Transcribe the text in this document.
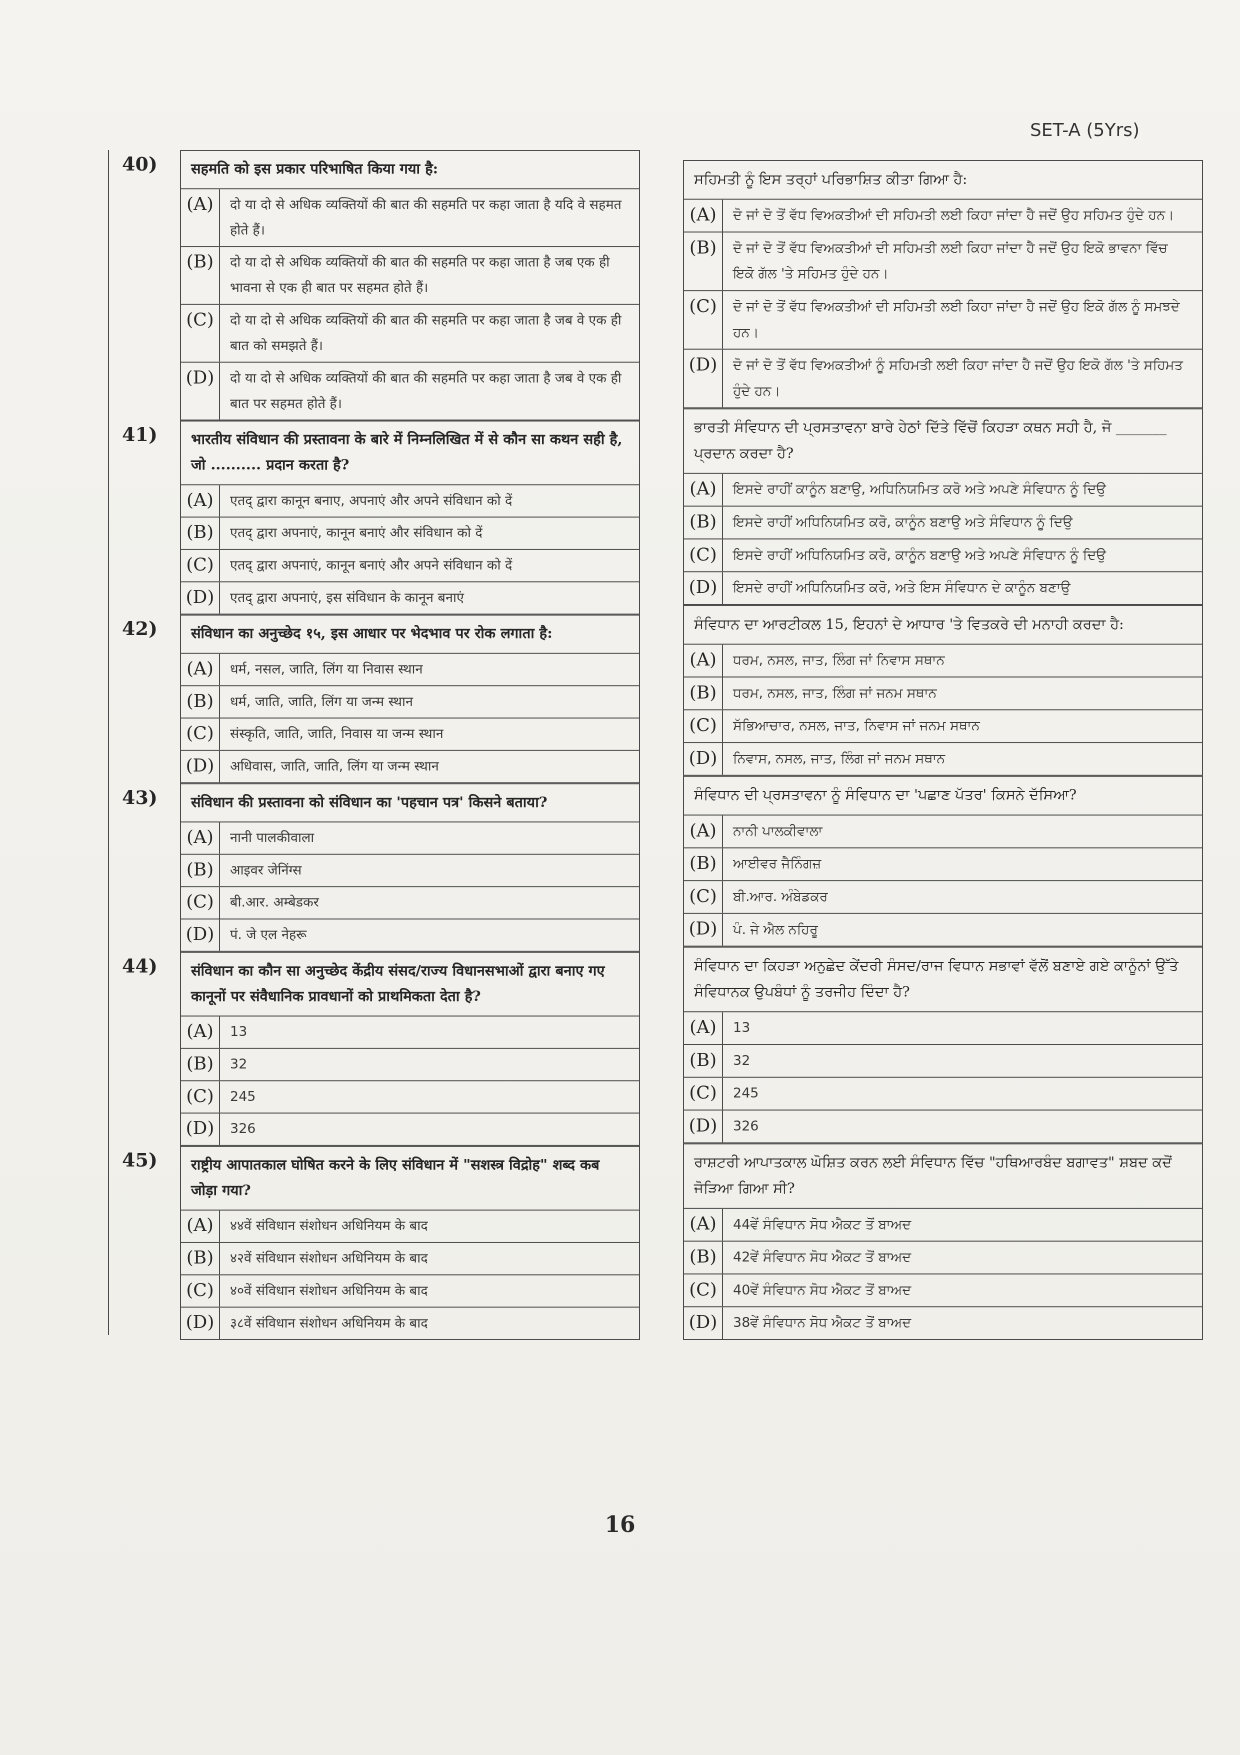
SET-A (5Yrs)
40)
41)
42)
43)
44)
45)
सहमति को इस प्रकार परिभाषित किया गया है:
(A)	दो या दो से अधिक व्यक्तियों की बात की सहमति पर कहा जाता है यदि वे सहमत होते हैं।
(B)	दो या दो से अधिक व्यक्तियों की बात की सहमति पर कहा जाता है जब एक ही भावना से एक ही बात पर सहमत होते हैं।
(C)	दो या दो से अधिक व्यक्तियों की बात की सहमति पर कहा जाता है जब वे एक ही बात को समझते हैं।
(D)	दो या दो से अधिक व्यक्तियों की बात की सहमति पर कहा जाता है जब वे एक ही बात पर सहमत होते हैं।
भारतीय संविधान की प्रस्तावना के बारे में निम्नलिखित में से कौन सा कथन सही है, जो .......... प्रदान करता है?
(A)	एतद् द्वारा कानून बनाए, अपनाएं और अपने संविधान को दें
(B)	एतद् द्वारा अपनाएं, कानून बनाएं और संविधान को दें
(C)	एतद् द्वारा अपनाएं, कानून बनाएं और अपने संविधान को दें
(D)	एतद् द्वारा अपनाएं, इस संविधान के कानून बनाएं
संविधान का अनुच्छेद १५, इस आधार पर भेदभाव पर रोक लगाता है:
(A)	धर्म, नसल, जाति, लिंग या निवास स्थान
(B)	धर्म, जाति, जाति, लिंग या जन्म स्थान
(C)	संस्कृति, जाति, जाति, निवास या जन्म स्थान
(D)	अधिवास, जाति, जाति, लिंग या जन्म स्थान
संविधान की प्रस्तावना को संविधान का 'पहचान पत्र' किसने बताया?
(A)	नानी पालकीवाला
(B)	आइवर जेनिंग्स
(C)	बी.आर. अम्बेडकर
(D)	पं. जे एल नेहरू
संविधान का कौन सा अनुच्छेद केंद्रीय संसद/राज्य विधानसभाओं द्वारा बनाए गए कानूनों पर संवैधानिक प्रावधानों को प्राथमिकता देता है?
(A)	13
(B)	32
(C)	245
(D)	326
राष्ट्रीय आपातकाल घोषित करने के लिए संविधान में "सशस्त्र विद्रोह" शब्द कब जोड़ा गया?
(A)	४४वें संविधान संशोधन अधिनियम के बाद
(B)	४२वें संविधान संशोधन अधिनियम के बाद
(C)	४०वें संविधान संशोधन अधिनियम के बाद
(D)	३८वें संविधान संशोधन अधिनियम के बाद
ਸਹਿਮਤੀ ਨੂੰ ਇਸ ਤਰ੍ਹਾਂ ਪਰਿਭਾਸ਼ਿਤ ਕੀਤਾ ਗਿਆ ਹੈ:
(A)	ਦੋ ਜਾਂ ਦੋ ਤੋਂ ਵੱਧ ਵਿਅਕਤੀਆਂ ਦੀ ਸਹਿਮਤੀ ਲਈ ਕਿਹਾ ਜਾਂਦਾ ਹੈ ਜਦੋਂ ਉਹ ਸਹਿਮਤ ਹੁੰਦੇ ਹਨ।
(B)	ਦੋ ਜਾਂ ਦੋ ਤੋਂ ਵੱਧ ਵਿਅਕਤੀਆਂ ਦੀ ਸਹਿਮਤੀ ਲਈ ਕਿਹਾ ਜਾਂਦਾ ਹੈ ਜਦੋਂ ਉਹ ਇਕੋ ਭਾਵਨਾ ਵਿੱਚ ਇਕੋ ਗੱਲ 'ਤੇ ਸਹਿਮਤ ਹੁੰਦੇ ਹਨ।
(C)	ਦੋ ਜਾਂ ਦੋ ਤੋਂ ਵੱਧ ਵਿਅਕਤੀਆਂ ਦੀ ਸਹਿਮਤੀ ਲਈ ਕਿਹਾ ਜਾਂਦਾ ਹੈ ਜਦੋਂ ਉਹ ਇਕੋ ਗੱਲ ਨੂੰ ਸਮਝਦੇ ਹਨ।
(D)	ਦੋ ਜਾਂ ਦੋ ਤੋਂ ਵੱਧ ਵਿਅਕਤੀਆਂ ਨੂੰ ਸਹਿਮਤੀ ਲਈ ਕਿਹਾ ਜਾਂਦਾ ਹੈ ਜਦੋਂ ਉਹ ਇਕੋ ਗੱਲ 'ਤੇ ਸਹਿਮਤ ਹੁੰਦੇ ਹਨ।
ਭਾਰਤੀ ਸੰਵਿਧਾਨ ਦੀ ਪ੍ਰਸਤਾਵਨਾ ਬਾਰੇ ਹੇਠਾਂ ਦਿੱਤੇ ਵਿੱਚੋਂ ਕਿਹੜਾ ਕਥਨ ਸਹੀ ਹੈ, ਜੋ _______ ਪ੍ਰਦਾਨ ਕਰਦਾ ਹੈ?
(A)	ਇਸਦੇ ਰਾਹੀਂ ਕਾਨੂੰਨ ਬਣਾਉ, ਅਧਿਨਿਯਮਿਤ ਕਰੋ ਅਤੇ ਅਪਣੇ ਸੰਵਿਧਾਨ ਨੂੰ ਦਿਉ
(B)	ਇਸਦੇ ਰਾਹੀਂ ਅਧਿਨਿਯਮਿਤ ਕਰੋ, ਕਾਨੂੰਨ ਬਣਾਉ ਅਤੇ ਸੰਵਿਧਾਨ ਨੂੰ ਦਿਉ
(C)	ਇਸਦੇ ਰਾਹੀਂ ਅਧਿਨਿਯਮਿਤ ਕਰੋ, ਕਾਨੂੰਨ ਬਣਾਉ ਅਤੇ ਅਪਣੇ ਸੰਵਿਧਾਨ ਨੂੰ ਦਿਉ
(D)	ਇਸਦੇ ਰਾਹੀਂ ਅਧਿਨਿਯਮਿਤ ਕਰੋ, ਅਤੇ ਇਸ ਸੰਵਿਧਾਨ ਦੇ ਕਾਨੂੰਨ ਬਣਾਉ
ਸੰਵਿਧਾਨ ਦਾ ਆਰਟੀਕਲ 15, ਇਹਨਾਂ ਦੇ ਆਧਾਰ 'ਤੇ ਵਿਤਕਰੇ ਦੀ ਮਨਾਹੀ ਕਰਦਾ ਹੈ:
(A)	ਧਰਮ, ਨਸਲ, ਜਾਤ, ਲਿੰਗ ਜਾਂ ਨਿਵਾਸ ਸਥਾਨ
(B)	ਧਰਮ, ਨਸਲ, ਜਾਤ, ਲਿੰਗ ਜਾਂ ਜਨਮ ਸਥਾਨ
(C)	ਸੱਭਿਆਚਾਰ, ਨਸਲ, ਜਾਤ, ਨਿਵਾਸ ਜਾਂ ਜਨਮ ਸਥਾਨ
(D)	ਨਿਵਾਸ, ਨਸਲ, ਜਾਤ, ਲਿੰਗ ਜਾਂ ਜਨਮ ਸਥਾਨ
ਸੰਵਿਧਾਨ ਦੀ ਪ੍ਰਸਤਾਵਨਾ ਨੂੰ ਸੰਵਿਧਾਨ ਦਾ 'ਪਛਾਣ ਪੱਤਰ' ਕਿਸਨੇ ਦੱਸਿਆ?
(A)	ਨਾਨੀ ਪਾਲਕੀਵਾਲਾ
(B)	ਆਈਵਰ ਜੈਨਿੰਗਜ਼
(C)	ਬੀ.ਆਰ. ਅੰਬੇਡਕਰ
(D)	ਪੰ. ਜੇ ਐਲ ਨਹਿਰੂ
ਸੰਵਿਧਾਨ ਦਾ ਕਿਹੜਾ ਅਨੁਛੇਦ ਕੇਂਦਰੀ ਸੰਸਦ/ਰਾਜ ਵਿਧਾਨ ਸਭਾਵਾਂ ਵੱਲੋਂ ਬਣਾਏ ਗਏ ਕਾਨੂੰਨਾਂ ਉੱਤੇ ਸੰਵਿਧਾਨਕ ਉਪਬੰਧਾਂ ਨੂੰ ਤਰਜੀਹ ਦਿੰਦਾ ਹੈ?
(A)	13
(B)	32
(C)	245
(D)	326
ਰਾਸ਼ਟਰੀ ਆਪਾਤਕਾਲ ਘੋਸ਼ਿਤ ਕਰਨ ਲਈ ਸੰਵਿਧਾਨ ਵਿੱਚ "ਹਥਿਆਰਬੰਦ ਬਗਾਵਤ" ਸ਼ਬਦ ਕਦੋਂ ਜੋੜਿਆ ਗਿਆ ਸੀ?
(A)	44ਵੇਂ ਸੰਵਿਧਾਨ ਸੋਧ ਐਕਟ ਤੋਂ ਬਾਅਦ
(B)	42ਵੇਂ ਸੰਵਿਧਾਨ ਸੋਧ ਐਕਟ ਤੋਂ ਬਾਅਦ
(C)	40ਵੇਂ ਸੰਵਿਧਾਨ ਸੋਧ ਐਕਟ ਤੋਂ ਬਾਅਦ
(D)	38ਵੇਂ ਸੰਵਿਧਾਨ ਸੋਧ ਐਕਟ ਤੋਂ ਬਾਅਦ
16
